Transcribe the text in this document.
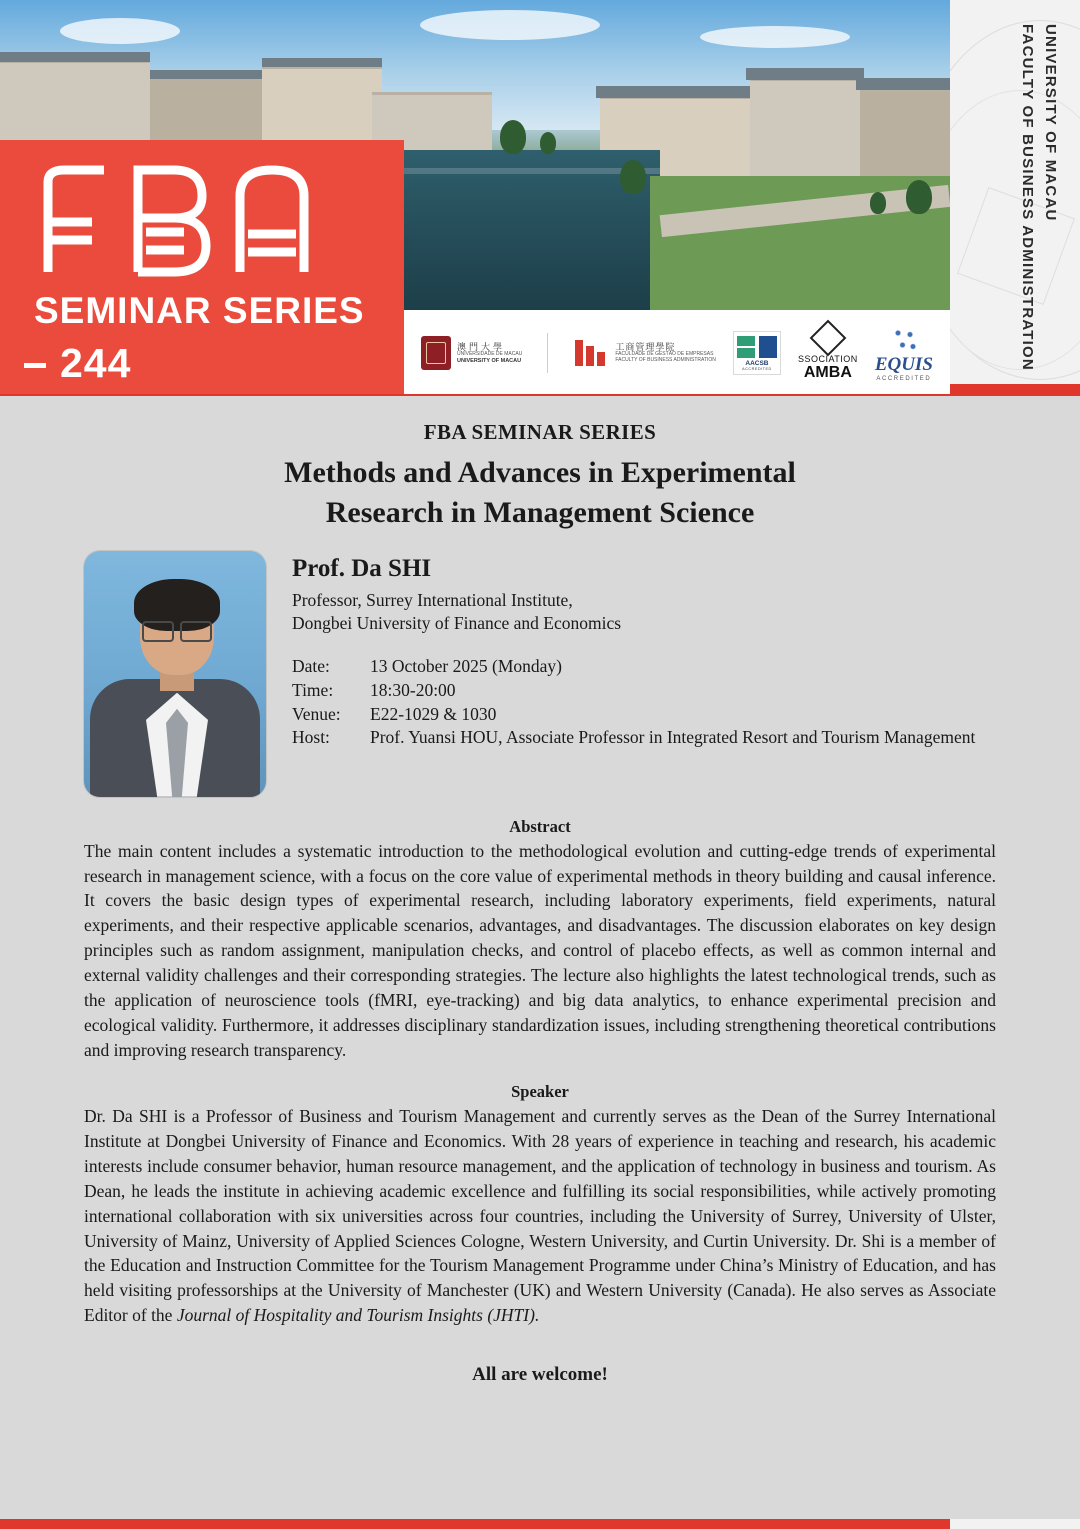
SEMINAR SERIES
244	澳門大學
UNIVERSIDADE DE MACAU
UNIVERSITY OF MACAU
工商管理學院
FACULDADE DE GESTÃO DE EMPRESAS
FACULTY OF BUSINESS ADMINISTRATION	AACSB
ACCREDITED
SSOCIATION
AMBA EQUIS
ACCREDITED
UNIVERSITY OF MACAU
FACULTY OF BUSINESS ADMINISTRATION
FBA SEMINAR SERIES
Methods and Advances in Experimental
Research in Management Science
Prof. Da SHI
Professor, Surrey International Institute,
Dongbei University of Finance and Economics
Date:	13 October 2025 (Monday)
Time:	18:30-20:00
Venue:	E22-1029 & 1030
Host: Prof. Yuansi HOU, Associate Professor in Integrated Resort and Tourism Management
Abstract

The main content includes a systematic introduction to the methodological evolution and cutting-edge trends of experimental research in management science, with a focus on the core value of experimental methods in theory building and causal inference. It covers the basic design types of experimental research, including laboratory experiments, field experiments, natural experiments, and their respective applicable scenarios, advantages, and disadvantages. The discussion elaborates on key design principles such as random assignment, manipulation checks, and control of placebo effects, as well as common internal and external validity challenges and their corresponding strategies. The lecture also highlights the latest technological trends, such as the application of neuroscience tools (fMRI, eye-tracking) and big data analytics, to enhance experimental precision and ecological validity. Furthermore, it addresses disciplinary standardization issues, including strengthening theoretical contributions and improving research transparency.

Speaker

Dr. Da SHI is a Professor of Business and Tourism Management and currently serves as the Dean of the Surrey International Institute at Dongbei University of Finance and Economics. With 28 years of experience in teaching and research, his academic interests include consumer behavior, human resource management, and the application of technology in business and tourism. As Dean, he leads the institute in achieving academic excellence and fulfilling its social responsibilities, while actively promoting international collaboration with six universities across four countries, including the University of Surrey, University of Ulster, University of Mainz, University of Applied Sciences Cologne, Western University, and Curtin University. Dr. Shi is a member of the Education and Instruction Committee for the Tourism Management Programme under China’s Ministry of Education, and has held visiting professorships at the University of Manchester (UK) and Western University (Canada). He also serves as Associate Editor of the Journal of Hospitality and Tourism Insights (JHTI).

All are welcome!
